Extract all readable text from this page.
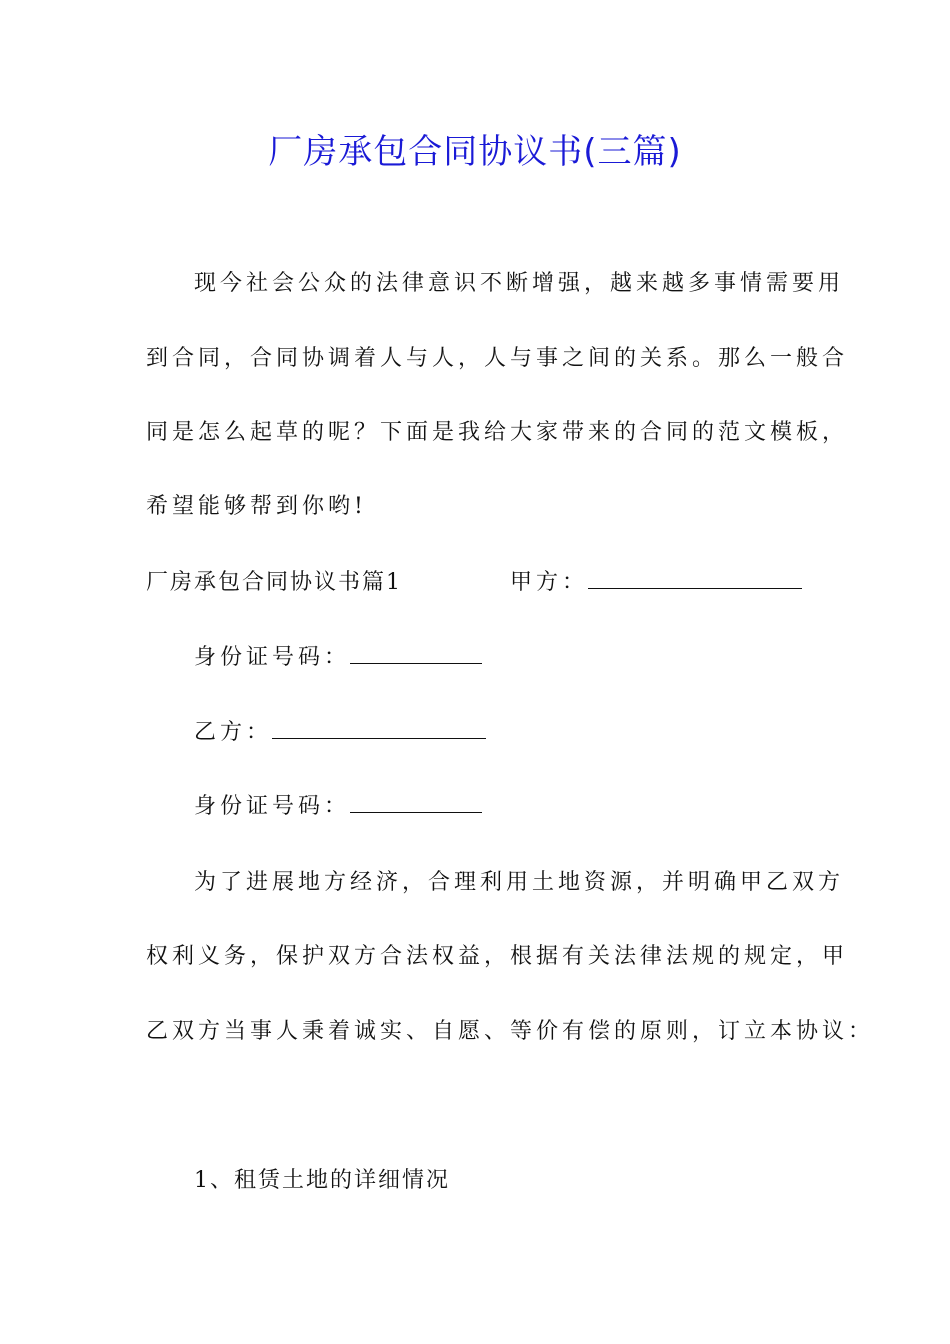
厂房承包合同协议书(三篇)
现今社会公众的法律意识不断增强，越来越多事情需要用
到合同，合同协调着人与人，人与事之间的关系。那么一般合
同是怎么起草的呢？下面是我给大家带来的合同的范文模板，
希望能够帮到你哟!
厂房承包合同协议书篇1	甲方：
身份证号码：
乙方：
身份证号码：
为了进展地方经济，合理利用土地资源，并明确甲乙双方
权利义务，保护双方合法权益，根据有关法律法规的规定，甲
乙双方当事人秉着诚实、自愿、等价有偿的原则，订立本协议：
1、租赁土地的详细情况
